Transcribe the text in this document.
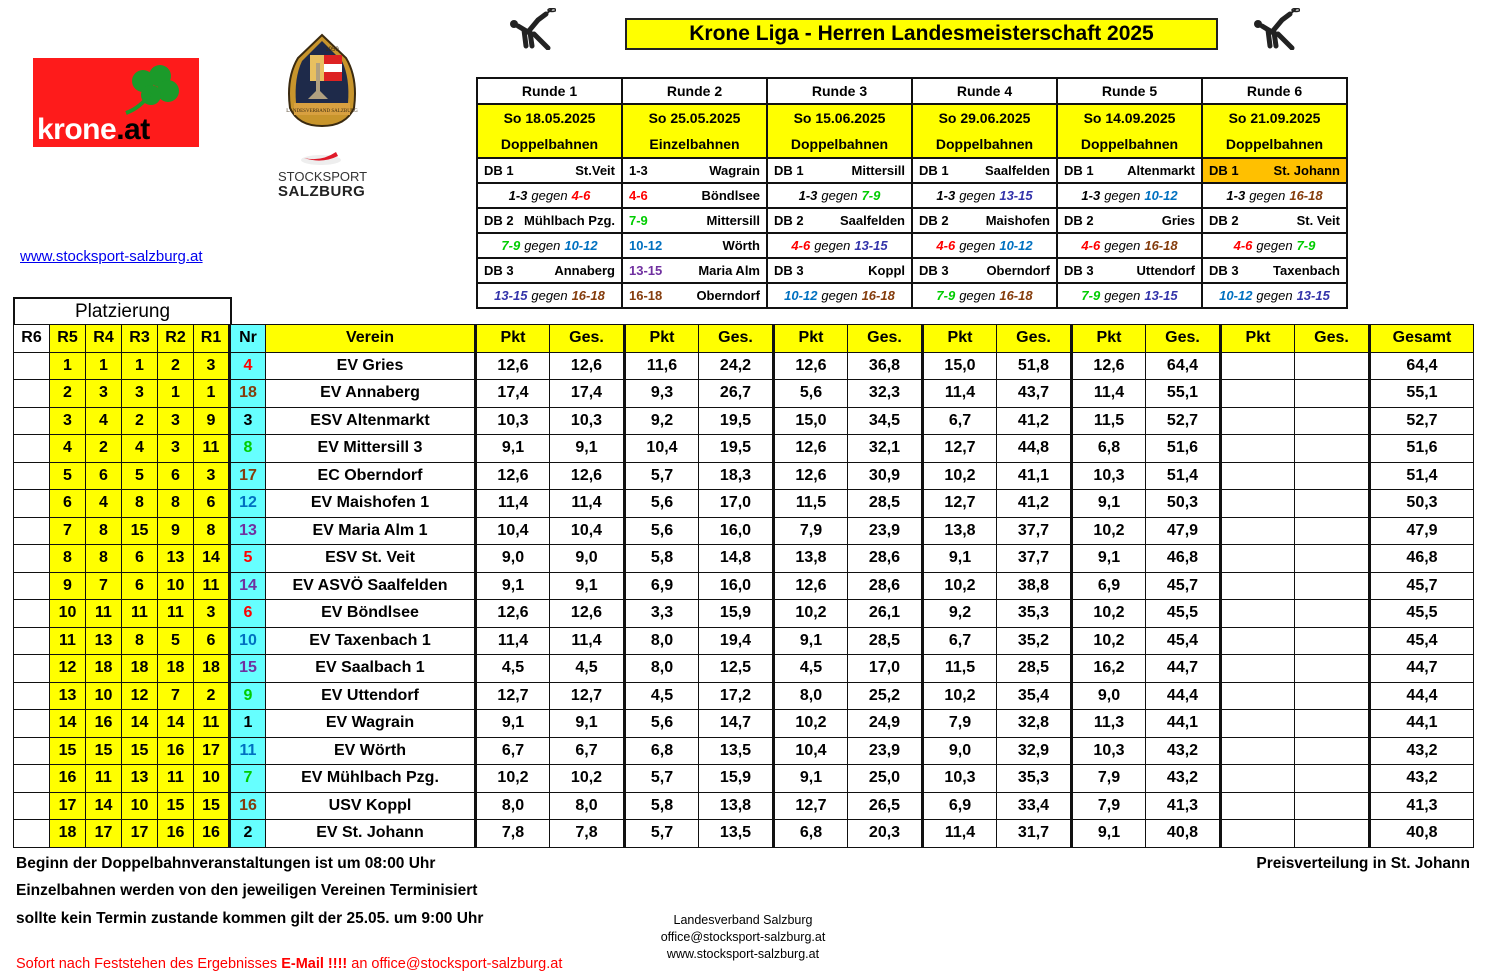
krone.at
LANDESVERBAND SALZBURG
1950
STOCKSPORT
SALZBURG
www.stocksport-salzburg.at
Krone Liga - Herren Landesmeisterschaft 2025
Runde 1	Runde 2	Runde 3	Runde 4	Runde 5	Runde 6
So 18.05.2025	So 25.05.2025	So 15.06.2025	So 29.06.2025	So 14.09.2025	So 21.09.2025
Doppelbahnen	Einzelbahnen	Doppelbahnen	Doppelbahnen	Doppelbahnen	Doppelbahnen

DB 1 St.Veit	1-3 Wagrain	DB 1 Mittersill	DB 1 Saalfelden	DB 1 Altenmarkt	DB 1 St. Johann

1-3 gegen 4-6	4-6 Böndlsee	1-3 gegen 7-9	1-3 gegen 13-15	1-3 gegen 10-12	1-3 gegen 16-18

DB 2 Mühlbach Pzg.	7-9 Mittersill	DB 2 Saalfelden	DB 2 Maishofen	DB 2 Gries	DB 2 St. Veit

7-9 gegen 10-12	10-12 Wörth	4-6 gegen 13-15	4-6 gegen 10-12	4-6 gegen 16-18	4-6 gegen 7-9

DB 3 Annaberg	13-15 Maria Alm	DB 3 Koppl	DB 3 Oberndorf	DB 3 Uttendorf	DB 3 Taxenbach

13-15 gegen 16-18	16-18 Oberndorf	10-12 gegen 16-18	7-9 gegen 16-18	7-9 gegen 13-15	10-12 gegen 13-15
Platzierung
R6	R5	R4	R3	R2	R1	Nr	Verein	Pkt	Ges.	Pkt	Ges.	Pkt	Ges.	Pkt	Ges.	Pkt	Ges.	Pkt	Ges.	Gesamt
	1	1	1	2	3	4	EV Gries	12,6	12,6	11,6	24,2	12,6	36,8	15,0	51,8	12,6	64,4			64,4
	2	3	3	1	1	18	EV Annaberg	17,4	17,4	9,3	26,7	5,6	32,3	11,4	43,7	11,4	55,1			55,1
	3	4	2	3	9	3	ESV Altenmarkt	10,3	10,3	9,2	19,5	15,0	34,5	6,7	41,2	11,5	52,7			52,7
	4	2	4	3	11	8	EV Mittersill 3	9,1	9,1	10,4	19,5	12,6	32,1	12,7	44,8	6,8	51,6			51,6
	5	6	5	6	3	17	EC Oberndorf	12,6	12,6	5,7	18,3	12,6	30,9	10,2	41,1	10,3	51,4			51,4
	6	4	8	8	6	12	EV Maishofen 1	11,4	11,4	5,6	17,0	11,5	28,5	12,7	41,2	9,1	50,3			50,3
	7	8	15	9	8	13	EV Maria Alm 1	10,4	10,4	5,6	16,0	7,9	23,9	13,8	37,7	10,2	47,9			47,9
	8	8	6	13	14	5	ESV St. Veit	9,0	9,0	5,8	14,8	13,8	28,6	9,1	37,7	9,1	46,8			46,8
	9	7	6	10	11	14	EV ASVÖ Saalfelden	9,1	9,1	6,9	16,0	12,6	28,6	10,2	38,8	6,9	45,7			45,7
	10	11	11	11	3	6	EV Böndlsee	12,6	12,6	3,3	15,9	10,2	26,1	9,2	35,3	10,2	45,5			45,5
	11	13	8	5	6	10	EV Taxenbach 1	11,4	11,4	8,0	19,4	9,1	28,5	6,7	35,2	10,2	45,4			45,4
	12	18	18	18	18	15	EV Saalbach 1	4,5	4,5	8,0	12,5	4,5	17,0	11,5	28,5	16,2	44,7			44,7
	13	10	12	7	2	9	EV Uttendorf	12,7	12,7	4,5	17,2	8,0	25,2	10,2	35,4	9,0	44,4			44,4
	14	16	14	14	11	1	EV Wagrain	9,1	9,1	5,6	14,7	10,2	24,9	7,9	32,8	11,3	44,1			44,1
	15	15	15	16	17	11	EV Wörth	6,7	6,7	6,8	13,5	10,4	23,9	9,0	32,9	10,3	43,2			43,2
	16	11	13	11	10	7	EV Mühlbach Pzg.	10,2	10,2	5,7	15,9	9,1	25,0	10,3	35,3	7,9	43,2			43,2
	17	14	10	15	15	16	USV Koppl	8,0	8,0	5,8	13,8	12,7	26,5	6,9	33,4	7,9	41,3			41,3
	18	17	17	16	16	2	EV St. Johann	7,8	7,8	5,7	13,5	6,8	20,3	11,4	31,7	9,1	40,8			40,8
Beginn der Doppelbahnveranstaltungen ist um 08:00 Uhr
Einzelbahnen werden von den jeweiligen Vereinen Terminisiert
sollte kein Termin zustande kommen gilt der 25.05. um 9:00 Uhr
Sofort nach Feststehen des Ergebnisses E-Mail !!!! an office@stocksport-salzburg.at
Preisverteilung in St. Johann
Landesverband Salzburg
office@stocksport-salzburg.at
www.stocksport-salzburg.at
